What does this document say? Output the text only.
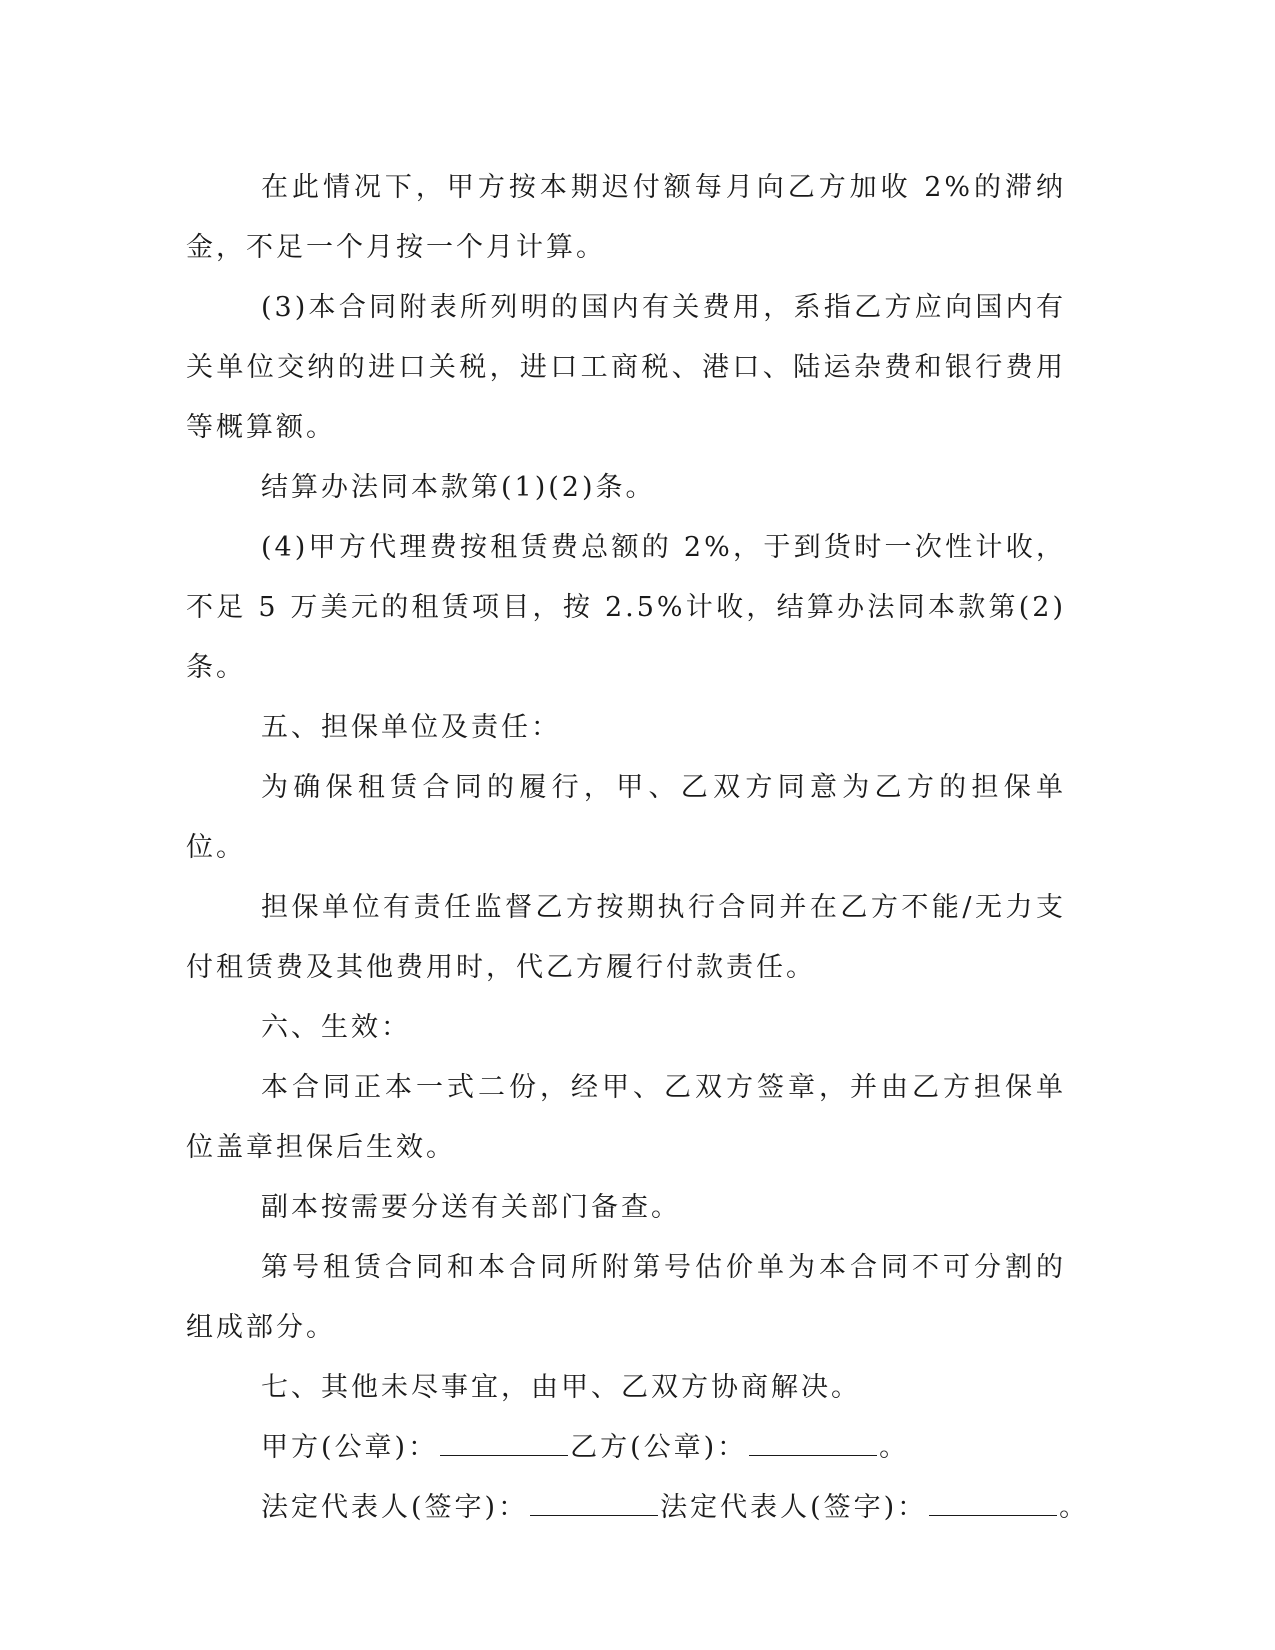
在此情况下，甲方按本期迟付额每月向乙方加收 2%的滞纳金，不足一个月按一个月计算。

(3)本合同附表所列明的国内有关费用，系指乙方应向国内有关单位交纳的进口关税，进口工商税、港口、陆运杂费和银行费用等概算额。

结算办法同本款第(1)(2)条。

(4)甲方代理费按租赁费总额的 2%，于到货时一次性计收，不足 5 万美元的租赁项目，按 2.5%计收，结算办法同本款第(2)条。

五、担保单位及责任：

为确保租赁合同的履行，甲、乙双方同意为乙方的担保单位。

担保单位有责任监督乙方按期执行合同并在乙方不能/无力支付租赁费及其他费用时，代乙方履行付款责任。

六、生效：

本合同正本一式二份，经甲、乙双方签章，并由乙方担保单位盖章担保后生效。

副本按需要分送有关部门备查。

第号租赁合同和本合同所附第号估价单为本合同不可分割的组成部分。

七、其他未尽事宜，由甲、乙双方协商解决。

甲方(公章)：	乙方(公章)：	。

法定代表人(签字)：	法定代表人(签字)：	。
